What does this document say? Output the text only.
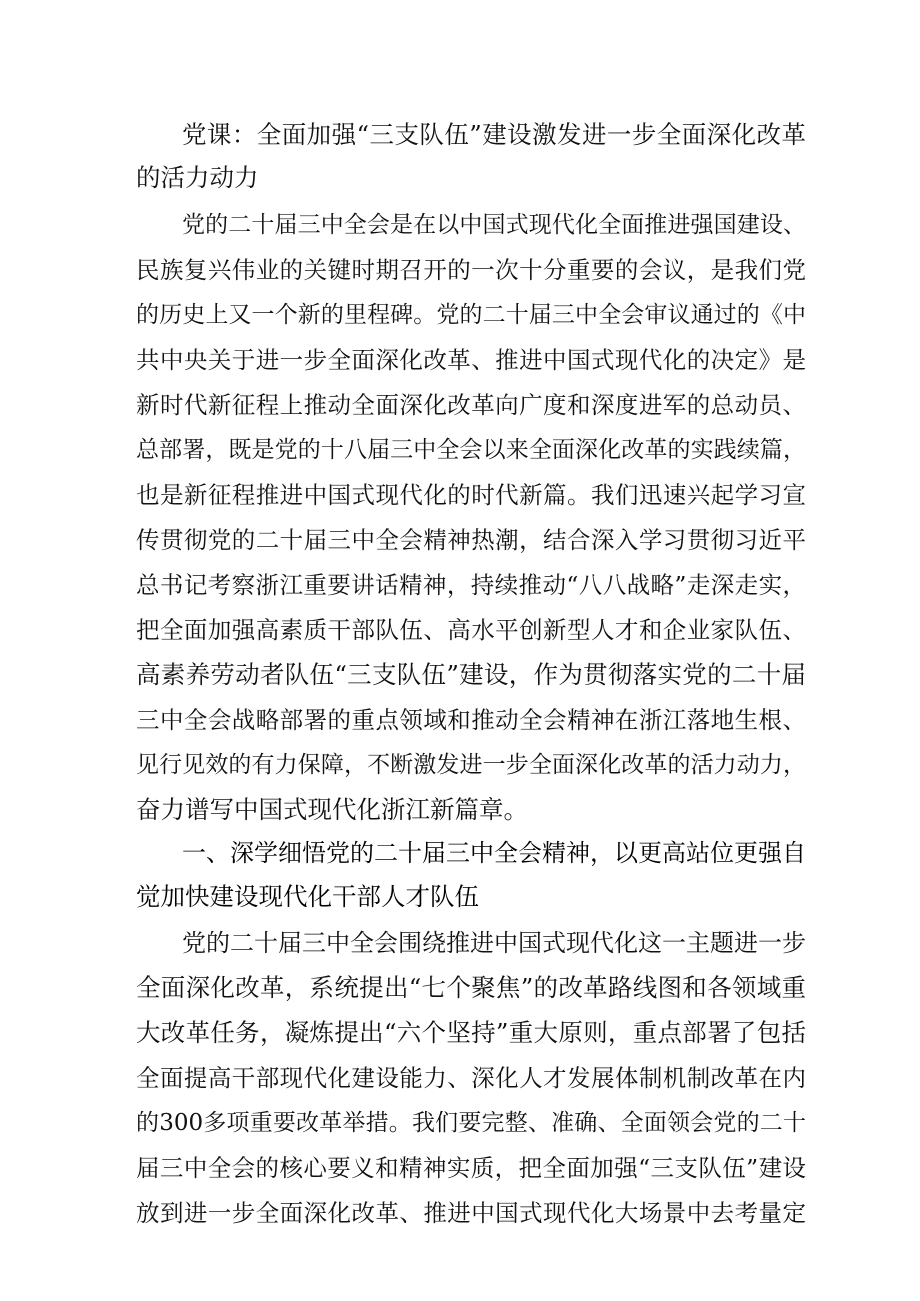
党课：全面加强“三支队伍”建设激发进一步全面深化改革
的活力动力
党的二十届三中全会是在以中国式现代化全面推进强国建设、
民族复兴伟业的关键时期召开的一次十分重要的会议，是我们党
的历史上又一个新的里程碑。党的二十届三中全会审议通过的《中
共中央关于进一步全面深化改革、推进中国式现代化的决定》是
新时代新征程上推动全面深化改革向广度和深度进军的总动员、
总部署，既是党的十八届三中全会以来全面深化改革的实践续篇，
也是新征程推进中国式现代化的时代新篇。我们迅速兴起学习宣
传贯彻党的二十届三中全会精神热潮，结合深入学习贯彻习近平
总书记考察浙江重要讲话精神，持续推动“八八战略”走深走实，
把全面加强高素质干部队伍、高水平创新型人才和企业家队伍、
高素养劳动者队伍“三支队伍”建设，作为贯彻落实党的二十届
三中全会战略部署的重点领域和推动全会精神在浙江落地生根、
见行见效的有力保障，不断激发进一步全面深化改革的活力动力，
奋力谱写中国式现代化浙江新篇章。
一、深学细悟党的二十届三中全会精神，以更高站位更强自
觉加快建设现代化干部人才队伍
党的二十届三中全会围绕推进中国式现代化这一主题进一步
全面深化改革，系统提出“七个聚焦”的改革路线图和各领域重
大改革任务，凝炼提出“六个坚持”重大原则，重点部署了包括
全面提高干部现代化建设能力、深化人才发展体制机制改革在内
的300多项重要改革举措。我们要完整、准确、全面领会党的二十
届三中全会的核心要义和精神实质，把全面加强“三支队伍”建设
放到进一步全面深化改革、推进中国式现代化大场景中去考量定
